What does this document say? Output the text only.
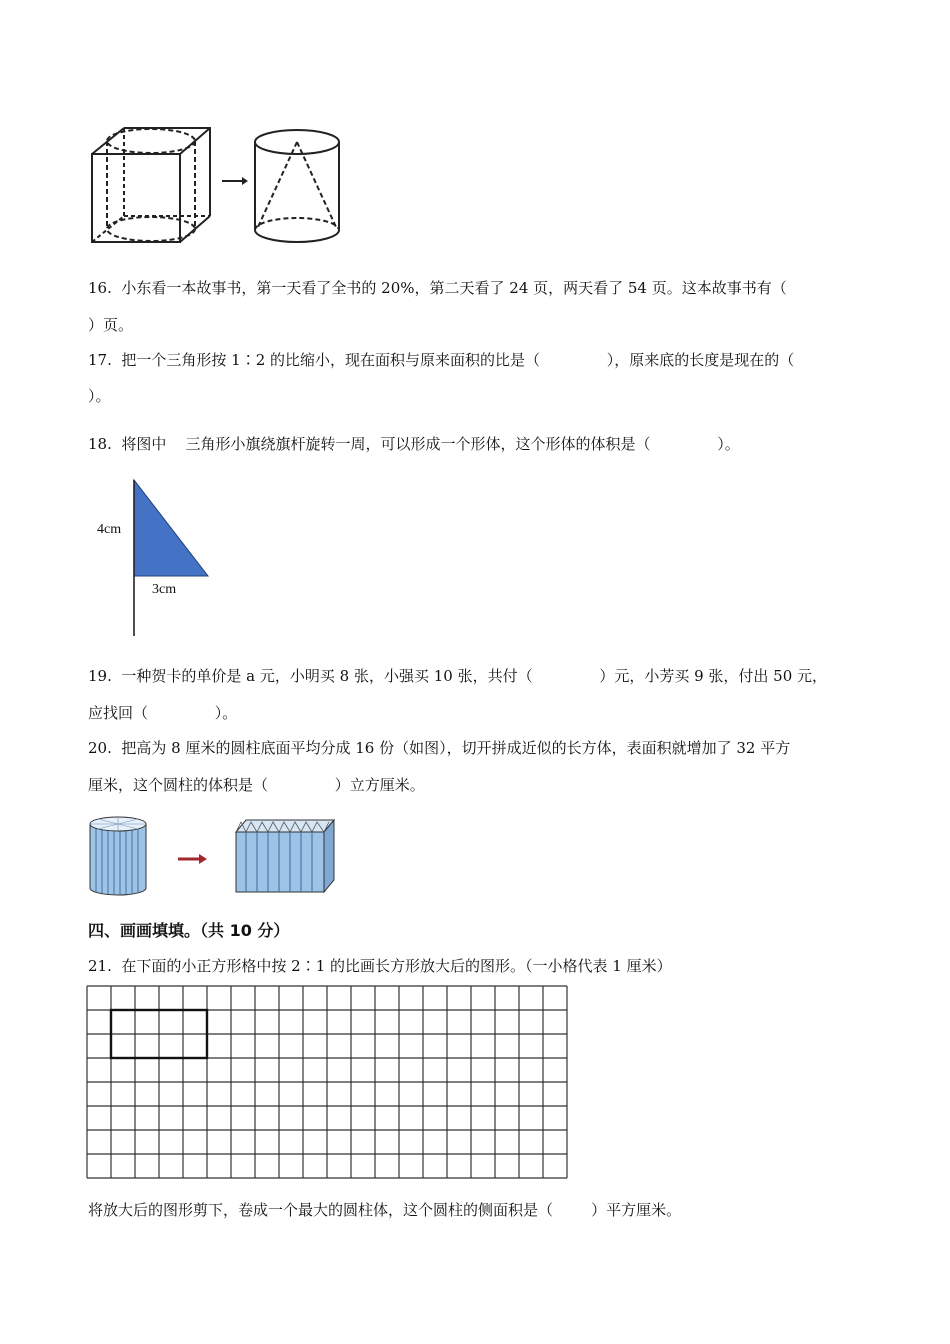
16.  小东看一本故事书，第一天看了全书的 20%，第二天看了 24 页，两天看了 54 页。这本故事书有（
）页。
17.  把一个三角形按 1∶2 的比缩小，现在面积与原来面积的比是（              ），原来底的长度是现在的（
）。
18.  将图中    三角形小旗绕旗杆旋转一周，可以形成一个形体，这个形体的体积是（              ）。
4cm
3cm
19.  一种贺卡的单价是 a 元，小明买 8 张，小强买 10 张，共付（              ）元，小芳买 9 张，付出 50 元，
应找回（              ）。
20.  把高为 8 厘米的圆柱底面平均分成 16 份（如图），切开拼成近似的长方体，表面积就增加了 32 平方
厘米，这个圆柱的体积是（              ）立方厘米。
四、画画填填。（共 10 分）
21.  在下面的小正方形格中按 2∶1 的比画长方形放大后的图形。（一小格代表 1 厘米）
将放大后的图形剪下，卷成一个最大的圆柱体，这个圆柱的侧面积是（        ）平方厘米。
